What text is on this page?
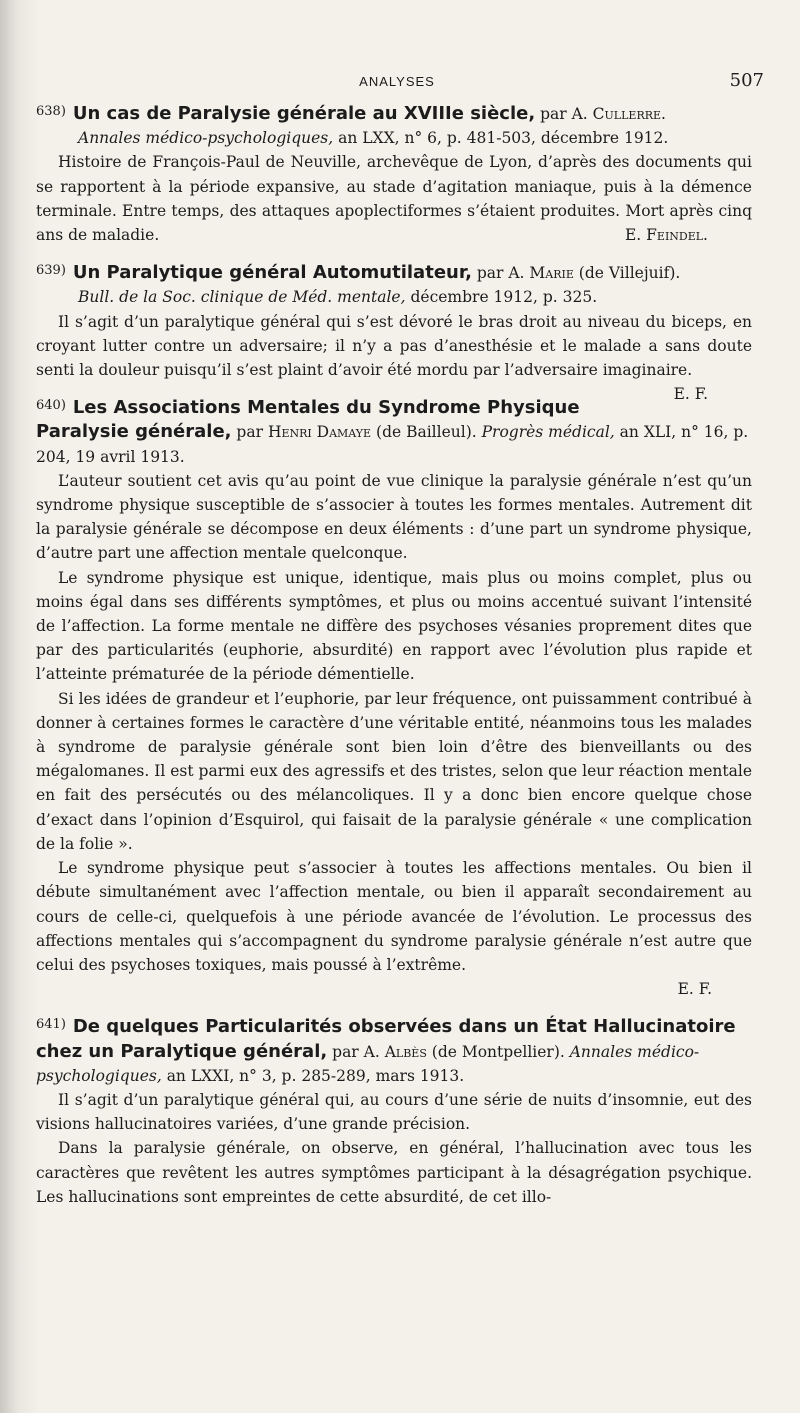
ANALYSES	507

$^{638)}$ Un cas de Paralysie générale au XVIIIe siècle, par A. Cullerre.

Annales médico-psychologiques, an LXX, n° 6, p. 481-503, décembre 1912.

Histoire de François-Paul de Neuville, archevêque de Lyon, d’après des documents qui se rapportent à la période expansive, au stade d’agitation maniaque, puis à la démence terminale. Entre temps, des attaques apoplectiformes s’étaient produites. Mort après cinq ans de maladie.	E. Feindel.

$^{639)}$ Un Paralytique général Automutilateur, par A. Marie (de Villejuif).

Bull. de la Soc. clinique de Méd. mentale, décembre 1912, p. 325.

Il s’agit d’un paralytique général qui s’est dévoré le bras droit au niveau du biceps, en croyant lutter contre un adversaire; il n’y a pas d’anesthésie et le malade a sans doute senti la douleur puisqu’il s’est plaint d’avoir été mordu par l’adversaire imaginaire.
E. F.

$^{640)}$ Les Associations Mentales du Syndrome Physique Paralysie générale, par Henri Damaye (de Bailleul). Progrès médical, an XLI, n° 16, p. 204, 19 avril 1913.

L’auteur soutient cet avis qu’au point de vue clinique la paralysie générale n’est qu’un syndrome physique susceptible de s’associer à toutes les formes mentales. Autrement dit la paralysie générale se décompose en deux éléments : d’une part un syndrome physique, d’autre part une affection mentale quelconque.

Le syndrome physique est unique, identique, mais plus ou moins complet, plus ou moins égal dans ses différents symptômes, et plus ou moins accentué suivant l’intensité de l’affection. La forme mentale ne diffère des psychoses vésanies proprement dites que par des particularités (euphorie, absurdité) en rapport avec l’évolution plus rapide et l’atteinte prématurée de la période démentielle.

Si les idées de grandeur et l’euphorie, par leur fréquence, ont puissamment contribué à donner à certaines formes le caractère d’une véritable entité, néanmoins tous les malades à syndrome de paralysie générale sont bien loin d’être des bienveillants ou des mégalomanes. Il est parmi eux des agressifs et des tristes, selon que leur réaction mentale en fait des persécutés ou des mélancoliques. Il y a donc bien encore quelque chose d’exact dans l’opinion d’Esquirol, qui faisait de la paralysie générale « une complication de la folie ».

Le syndrome physique peut s’associer à toutes les affections mentales. Ou bien il débute simultanément avec l’affection mentale, ou bien il apparaît secondairement au cours de celle-ci, quelquefois à une période avancée de l’évolution. Le processus des affections mentales qui s’accompagnent du syndrome paralysie générale n’est autre que celui des psychoses toxiques, mais poussé à l’extrême.

E. F.

$^{641)}$ De quelques Particularités observées dans un État Hallucinatoire chez un Paralytique général, par A. Albès (de Montpellier). Annales médico-psychologiques, an LXXI, n° 3, p. 285-289, mars 1913.

Il s’agit d’un paralytique général qui, au cours d’une série de nuits d’insomnie, eut des visions hallucinatoires variées, d’une grande précision.

Dans la paralysie générale, on observe, en général, l’hallucination avec tous les caractères que revêtent les autres symptômes participant à la désagrégation psychique. Les hallucinations sont empreintes de cette absurdité, de cet illo-
